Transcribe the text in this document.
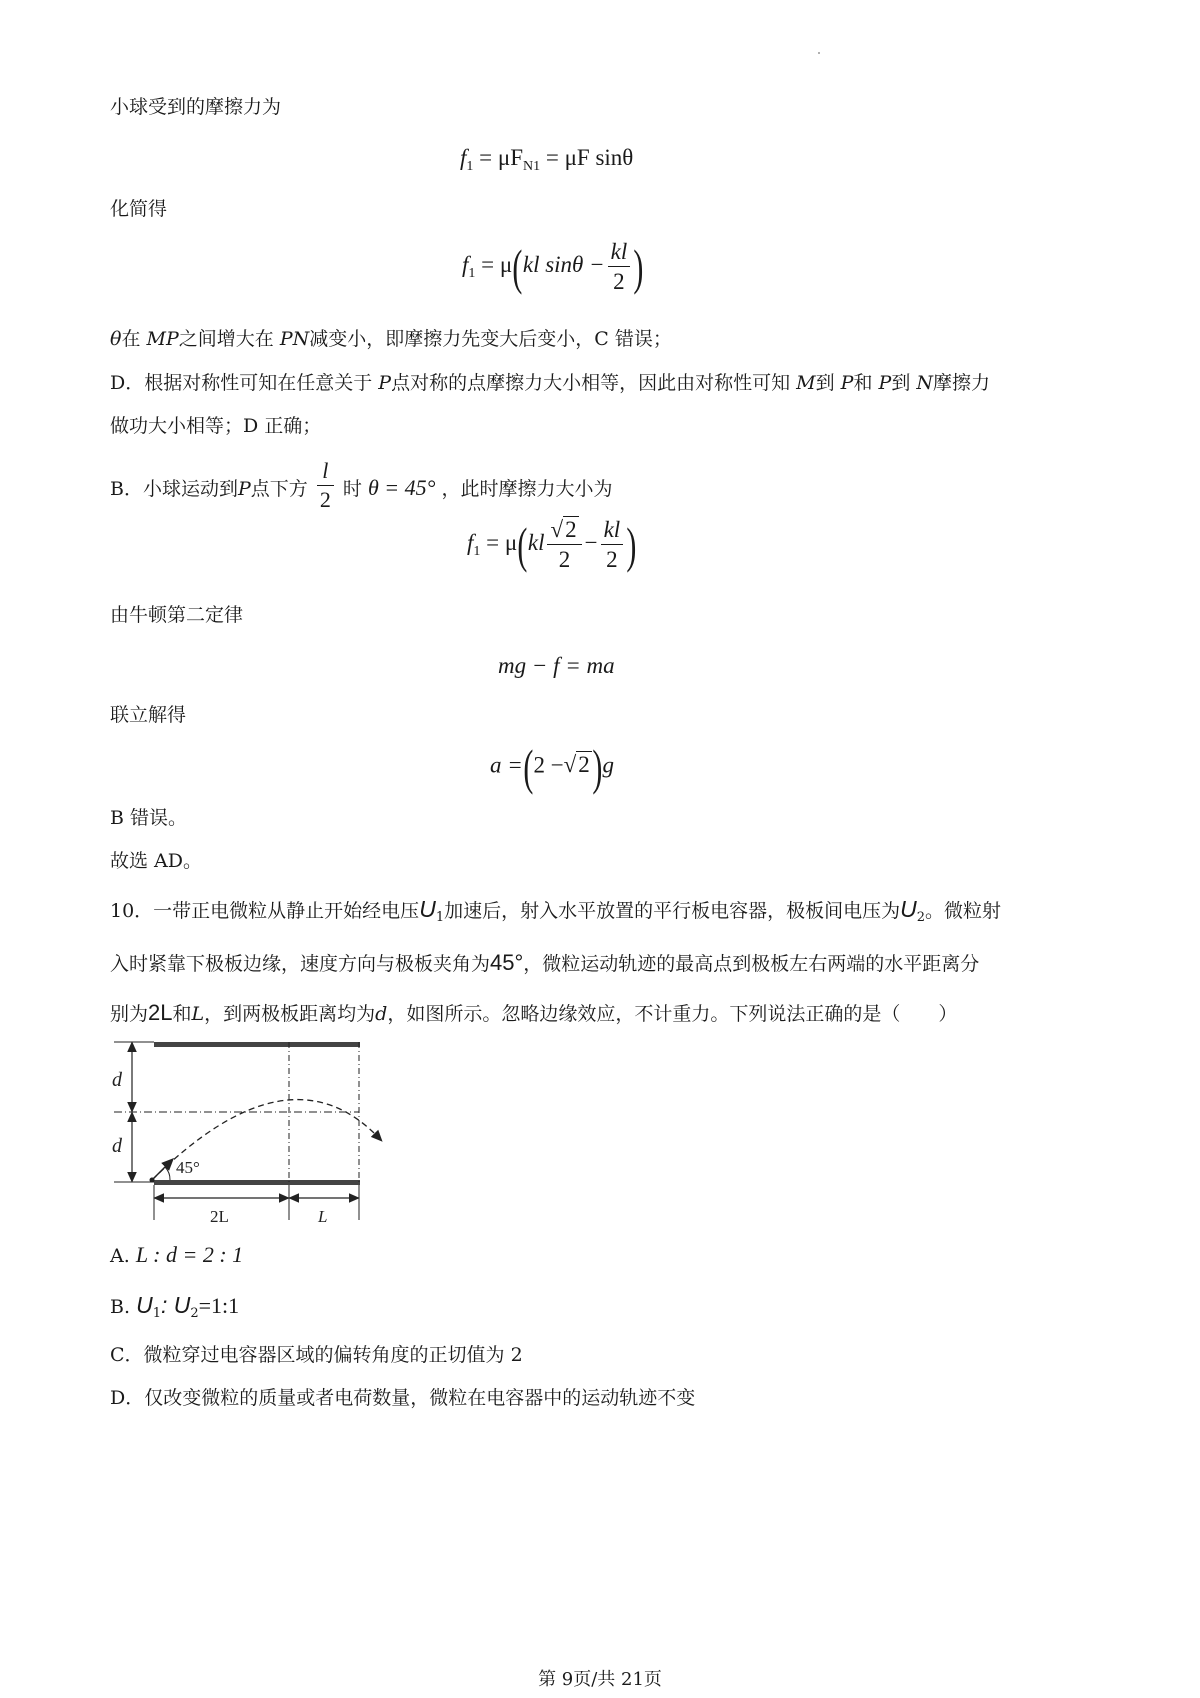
小球受到的摩擦力为
$f_1 = \mu F_{N1} = \mu F$ sinθ
化简得
$f_1 = \mu(kl$ $\sin\theta - \frac{kl}{2}$ )
θ在 MP之间增大在 PN减变小，即摩擦力先变大后变小，C 错误；
D．根据对称性可知在任意关于 P点对称的点摩擦力大小相等，因此由对称性可知 M到 P和 P到 N摩擦力
做功大小相等；D 正确；
B．小球运动到P点下方 $\frac{l}{2}$ 时 θ = 45° ，此时摩擦力大小为
$f_1 = \mu(kl \frac{√2}{2} - \frac{kl}{2}$ )
由牛顿第二定律
mg − f = ma
联立解得
a =(2 −√2)g
B 错误。
故选 AD。
10．一带正电微粒从静止开始经电压$U_1$加速后，射入水平放置的平行板电容器，极板间电压为$U_2$。微粒射
入时紧靠下极板边缘，速度方向与极板夹角为45°，微粒运动轨迹的最高点到极板左右两端的水平距离分
别为2L和L，到两极板距离均为d，如图所示。忽略边缘效应，不计重力。下列说法正确的是（　　）
d
d
45°
2L	L
A. L : d = 2 : 1
B. $U_1$: $U_2=1:1$
C．微粒穿过电容器区域的偏转角度的正切值为 2
D．仅改变微粒的质量或者电荷数量，微粒在电容器中的运动轨迹不变
第 9页/共 21页
